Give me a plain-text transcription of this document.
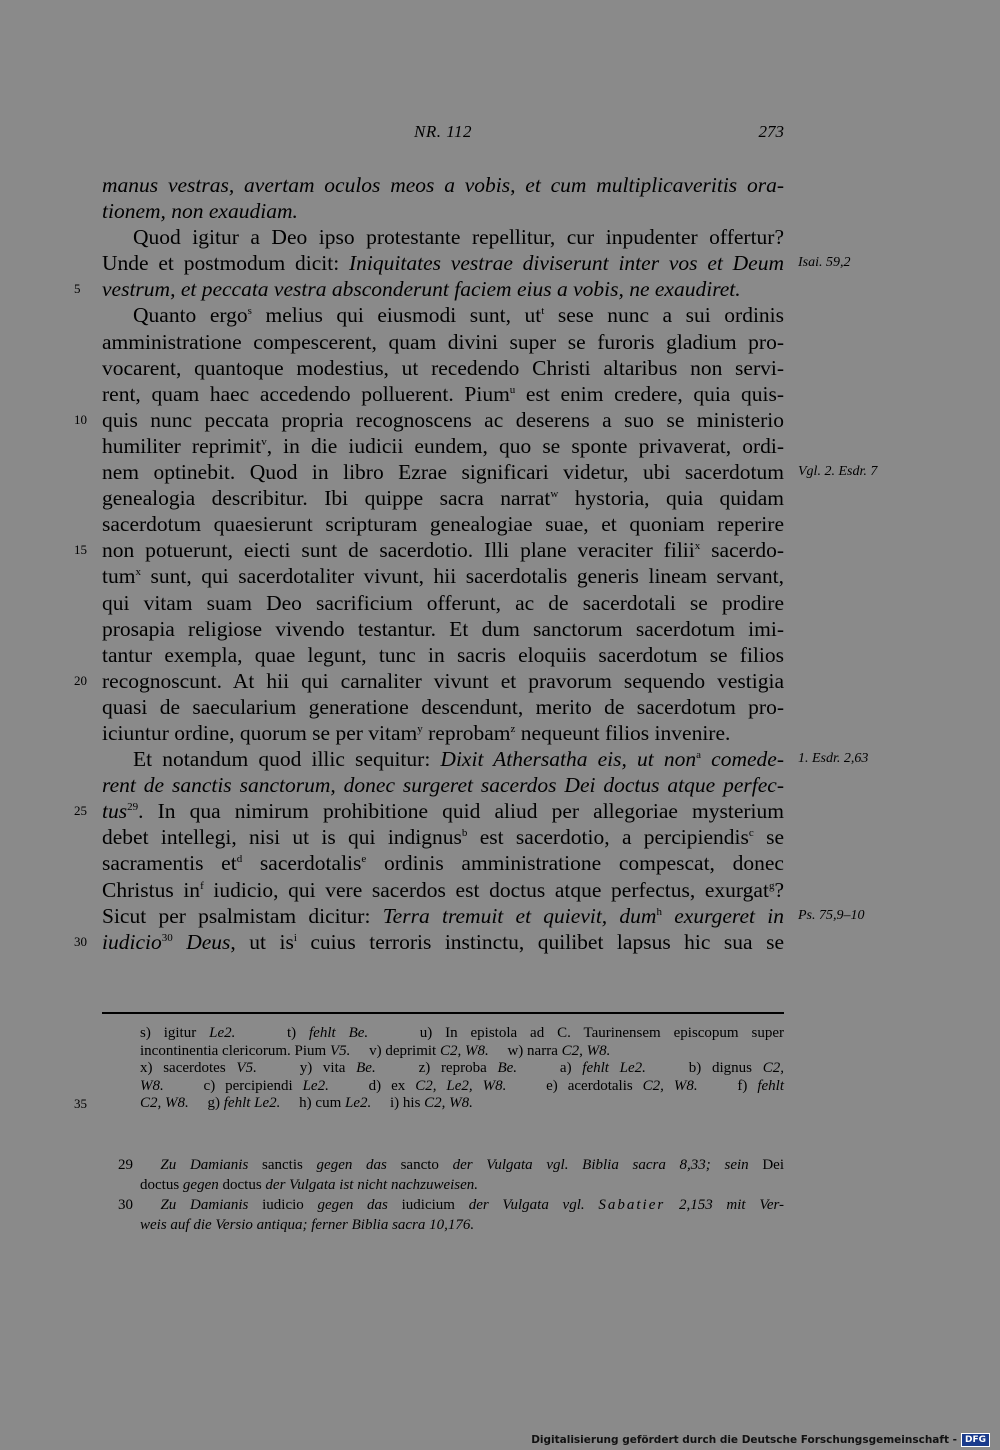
NR. 112	273
manus vestras, avertam oculos meos a vobis, et cum multiplicaveritis ora-
tionem, non exaudiam.
Quod igitur a Deo ipso protestante repellitur, cur inpudenter offertur?
Isai. 59,2
Unde et postmodum dicit: Iniquitates vestrae diviserunt inter vos et Deum
5	vestrum, et peccata vestra absconderunt faciem eius a vobis, ne exaudiret.
Quanto ergo$^s$ melius qui eiusmodi sunt, $ut^t$ sese nunc a sui ordinis
amministratione compescerent, quam divini super se furoris gladium pro-
vocarent, quantoque modestius, ut recedendo Christi altaribus non servi-
rent, quam haec accedendo polluerent. Pium$^u$ est enim credere, quia quis-
10 quis nunc peccata propria recognoscens ac deserens a suo se ministerio
humiliter reprimit$^v$, in die iudicii eundem, quo se sponte privaverat, ordi-
Vgl. 2. Esdr. 7
nem optinebit. Quod in libro Ezrae significari videtur, ubi sacerdotum
genealogia describitur. Ibi quippe sacra narrat$^w$ hystoria, quia quidam
sacerdotum quaesierunt scripturam genealogiae suae, et quoniam reperire
15 non potuerunt, eiecti sunt de sacerdotio. Illi plane veraciter filii$^x$ sacerdo-
tum$^x$ sunt, qui sacerdotaliter vivunt, hii sacerdotalis generis lineam servant,
qui vitam suam Deo sacrificium offerunt, ac de sacerdotali se prodire
prosapia religiose vivendo testantur. Et dum sanctorum sacerdotum imi-
tantur exempla, quae legunt, tunc in sacris eloquiis sacerdotum se filios
20 recognoscunt. At hii qui carnaliter vivunt et pravorum sequendo vestigia
quasi de saecularium generatione descendunt, merito de sacerdotum pro-
iciuntur ordine, quorum se per vitam$^y$ reprobam$^z$ nequeunt filios invenire.
1. Esdr. 2,63
Et notandum quod illic sequitur: Dixit Athersatha eis, ut non$^a$ comede-
rent de sanctis sanctorum, donec surgeret sacerdos Dei doctus atque perfec-
25 tus$^{29}$. In qua nimirum prohibitione quid aliud per allegoriae mysterium
debet intellegi, nisi ut is qui indignus$^b$ est sacerdotio, a percipiendis$^c$ se
sacramentis $et^d$ sacerdotalis$^e$ ordinis amministratione compescat, donec
Christus $in^f$ iudicio, qui vere sacerdos est doctus atque perfectus, exurgat$^g$?
Ps. 75,9–10
Sicut per psalmistam dicitur: Terra tremuit et quievit, dum$^h$ exurgeret in
30 iudicio$^{30}$ Deus, ut $is^i$ cuius terroris instinctu, quilibet lapsus hic sua se
s) igitur Le2.    t) fehlt Be.    u) In epistola ad C. Taurinensem episcopum super
incontinentia clericorum. Pium V5.     v) deprimit C2, W8.     w) narra C2, W8.
x) sacerdotes V5.    y) vita Be.    z) reproba Be.    a) fehlt Le2.    b) dignus C2,
W8.    c) percipiendi Le2.    d) ex C2, Le2, W8.    e) acerdotalis C2, W8.    f) fehlt
35	C2, W8.     g) fehlt Le2.     h) cum Le2.     i) his C2, W8.
29  Zu Damianis sanctis gegen das sancto der Vulgata vgl. Biblia sacra 8,33; sein Dei
doctus gegen doctus der Vulgata ist nicht nachzuweisen.
30  Zu Damianis iudicio gegen das iudicium der Vulgata vgl. Sabatier 2,153 mit Ver-
weis auf die Versio antiqua; ferner Biblia sacra 10,176.
Digitalisierung gefördert durch die Deutsche Forschungsgemeinschaft - DFG
